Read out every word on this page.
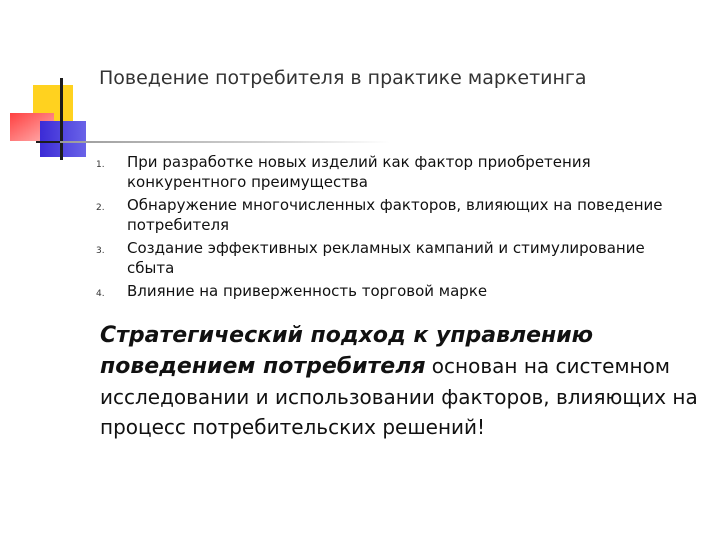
Поведение потребителя в практике маркетинга
1. При разработке новых изделий как фактор приобретения конкурентного преимущества
2. Обнаружение многочисленных факторов, влияющих на поведение потребителя
3. Создание эффективных рекламных кампаний и стимулирование сбыта
4. Влияние на приверженность торговой марке
Стратегический подход к управлению поведением потребителя основан на системном исследовании и использовании факторов, влияющих на процесс потребительских решений!
